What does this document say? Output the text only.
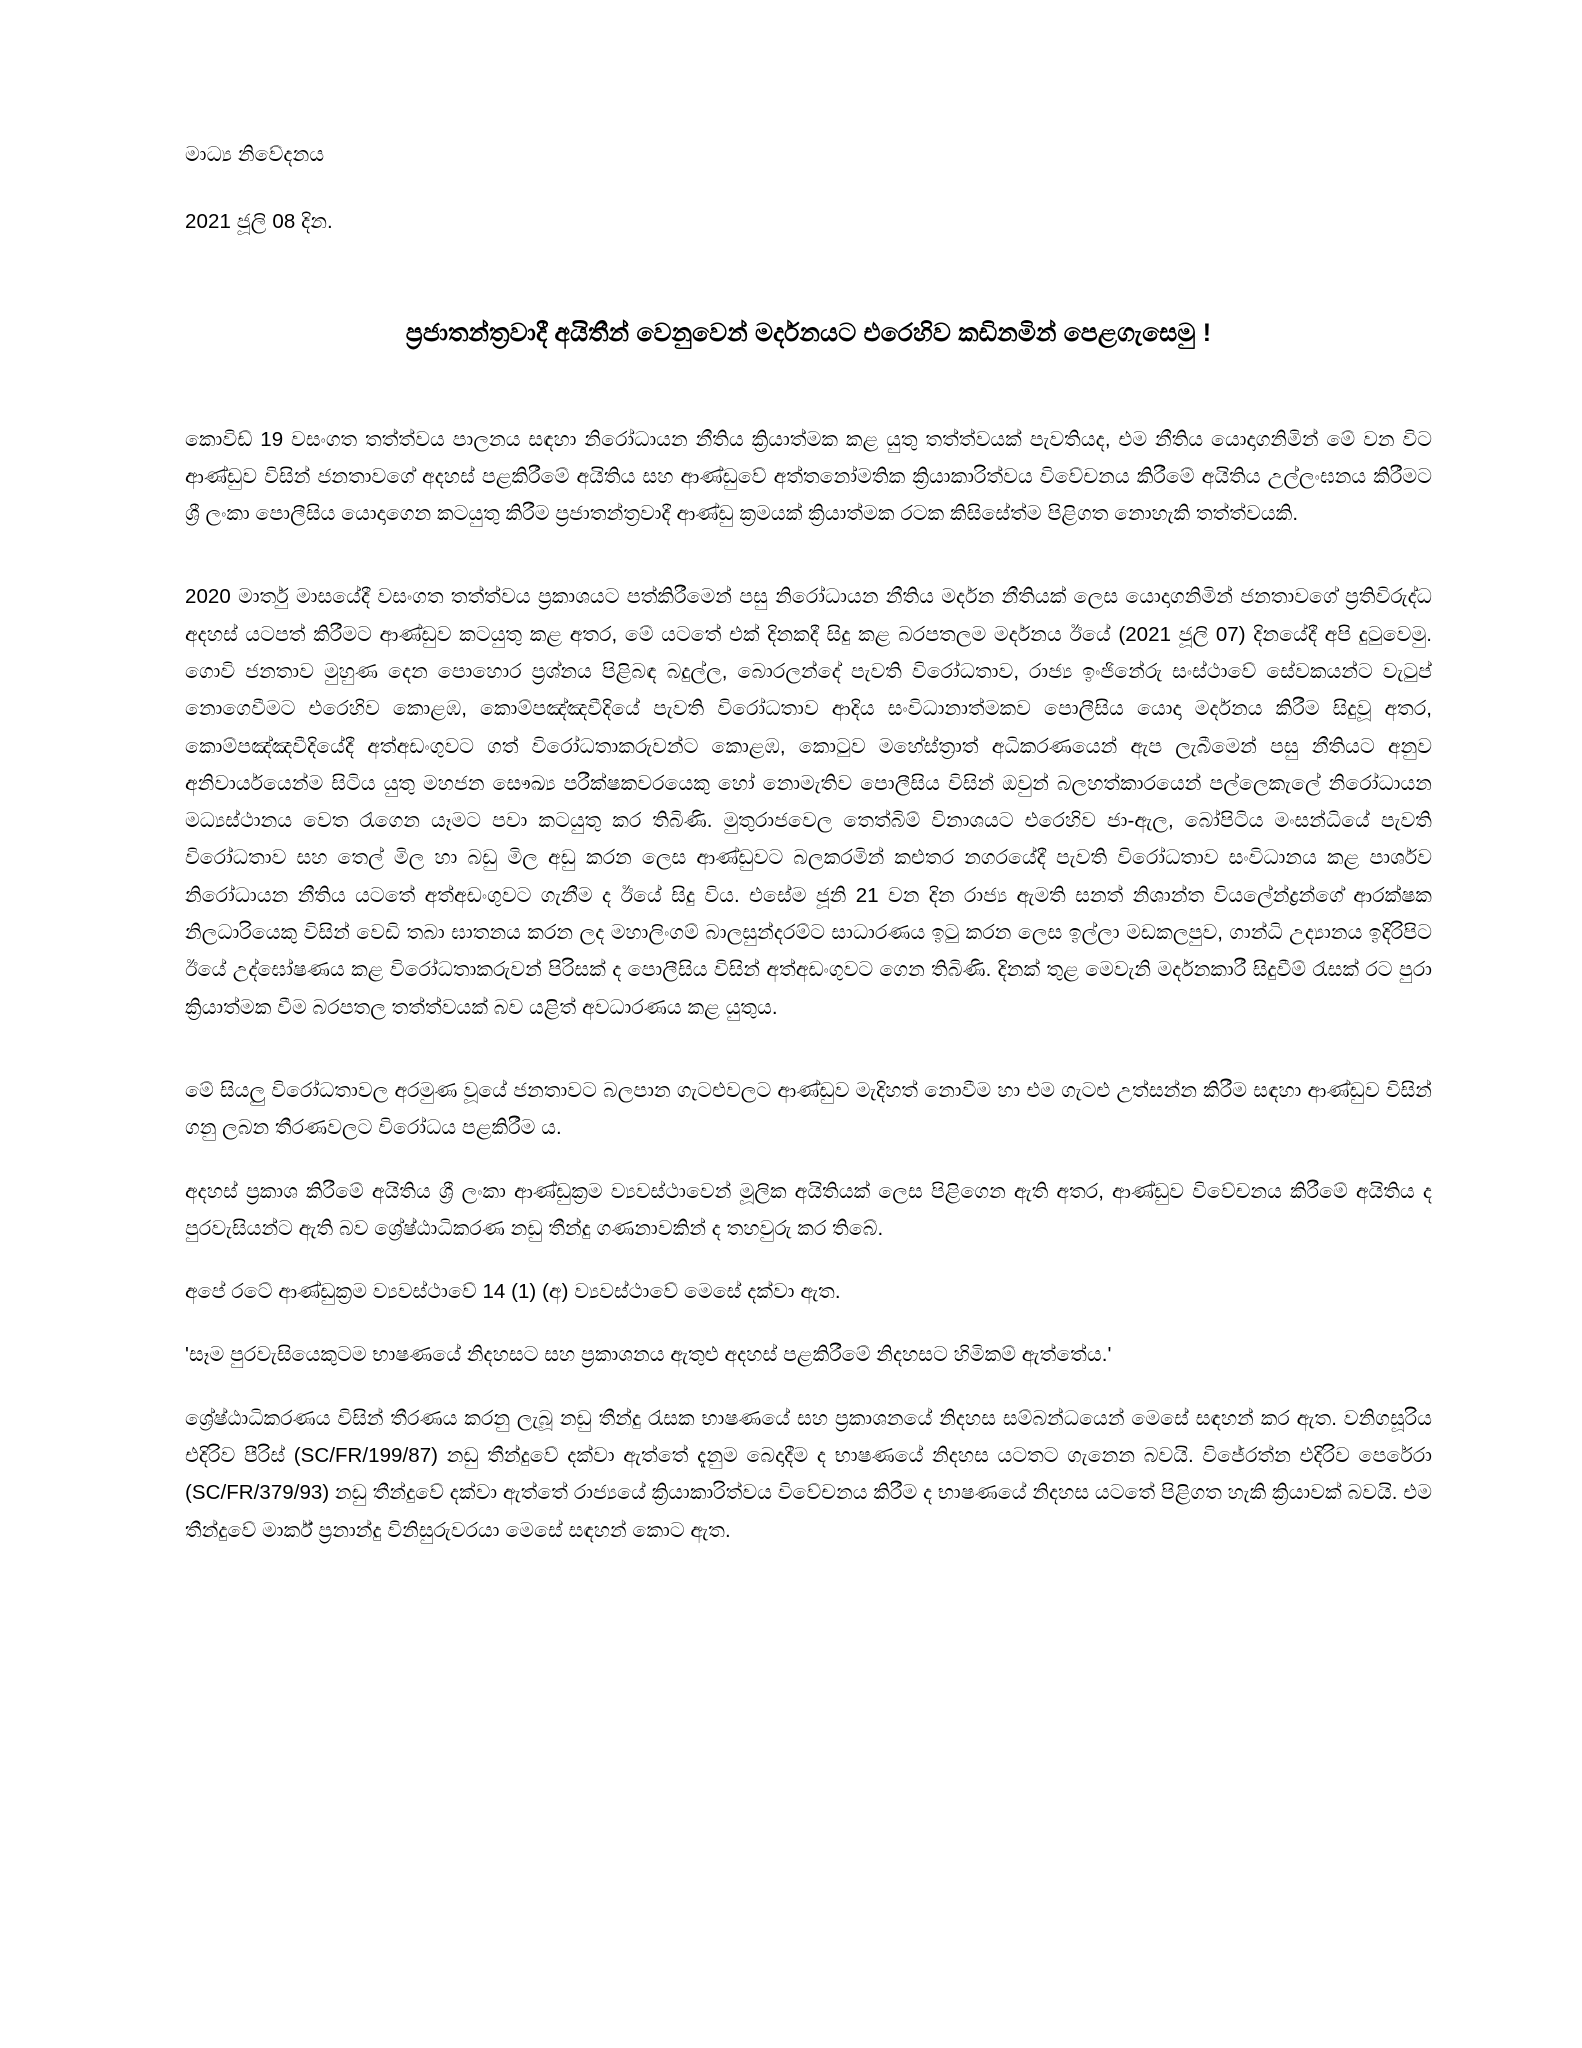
මාධ්‍ය නිවේදනය
2021 ජූලි 08 දින.
ප්‍රජාතන්ත්‍රවාදී අයිතීන් වෙනුවෙන් මර්දනයට එරෙහිව කඩිනමින් පෙළගැසෙමු !

කොවිඩ් 19 වසංගත තත්ත්වය පාලනය සඳහා නිරෝධායන නීතිය ක්‍රියාත්මක කළ යුතු තත්ත්වයක් පැවතියද, එම නීතිය යොදාගනිමින් මේ වන විට ආණ්ඩුව විසින් ජනතාවගේ අදහස් පළකිරීමේ අයිතිය සහ ආණ්ඩුවේ අත්තනෝමතික ක්‍රියාකාරිත්වය විවේචනය කිරීමේ අයිතිය උල්ලංඝනය කිරීමට ශ්‍රී ලංකා පොලීසිය යොදාගෙන කටයුතු කිරීම ප්‍රජාතන්ත්‍රවාදී ආණ්ඩු ක්‍රමයක් ක්‍රියාත්මක රටක කිසිසේත්ම පිළිගත නොහැකි තත්ත්වයකි.

2020 මාර්තු මාසයේදී වසංගත තත්ත්වය ප්‍රකාශයට පත්කිරීමෙන් පසු නිරෝධායන නීතිය මර්දන නීතියක් ලෙස යොදාගනිමින් ජනතාවගේ ප්‍රතිවිරුද්ධ අදහස් යටපත් කිරීමට ආණ්ඩුව කටයුතු කළ අතර, මේ යටතේ එක් දිනකදී සිදු කළ බරපතලම මර්දනය ඊයේ (2021 ජූලි 07) දිනයේදී අපි දුටුවෙමු. ගොවි ජනතාව මුහුණ දෙන පොහොර ප්‍රශ්නය පිළිබඳ බදුල්ල, බොරලන්දේ පැවති විරෝධතාව, රාජ්‍ය ඉංජිනේරු සංස්ථාවේ සේවකයන්ට වැටුප් නොගෙවීමට එරෙහිව කොළඹ, කොම්පඤ්ඤවීදියේ පැවති විරෝධතාව ආදිය සංවිධානාත්මකව පොලීසිය යොදා මර්දනය කිරීම සිදුවූ අතර, කොම්පඤ්ඤවීදියේදී අත්අඩංගුවට ගත් විරෝධතාකරුවන්ට කොළඹ, කොටුව මහේස්ත්‍රාත් අධිකරණයෙන් ඇප ලැබීමෙන් පසු නීතියට අනුව අනිවාර්යයෙන්ම සිටිය යුතු මහජන සෞඛ්‍ය පරීක්ෂකවරයෙකු හෝ නොමැතිව පොලීසිය විසින් ඔවුන් බලහත්කාරයෙන් පල්ලෙකැලේ නිරෝධායන මධ්‍යස්ථානය වෙත රැගෙන යෑමට පවා කටයුතු කර තිබිණි. මුතුරාජවෙල තෙත්බිම් විනාශයට එරෙහිව ජා-ඇල, බෝපිටිය මංසන්ධියේ පැවති විරෝධතාව සහ තෙල් මිල හා බඩු මිල අඩු කරන ලෙස ආණ්ඩුවට බලකරමින් කළුතර නගරයේදී පැවති විරෝධතාව සංවිධානය කළ පාර්ශව නිරෝධායන නීතිය යටතේ අත්අඩංගුවට ගැනීම ද ඊයේ සිදු විය. එසේම ජූනි 21 වන දින රාජ්‍ය ඇමති සනත් නිශාන්ත වියලේන්ද්‍රන්ගේ ආරක්ෂක නිලධාරියෙකු විසින් වෙඩි තබා ඝාතනය කරන ලද මහාලිංගම් බාලසුන්දරම්ට සාධාරණය ඉටු කරන ලෙස ඉල්ලා මඩකලපුව, ගාන්ධි උද්‍යානය ඉදිරිපිට ඊයේ උද්ඝෝෂණය කළ විරෝධතාකරුවන් පිරිසක් ද පොලීසිය විසින් අත්අඩංගුවට ගෙන තිබිණි. දිනක් තුළ මෙවැනි මර්දනකාරී සිදුවීම් රැසක් රට පුරා ක්‍රියාත්මක වීම බරපතල තත්ත්වයක් බව යළිත් අවධාරණය කළ යුතුය.

මේ සියලු විරෝධතාවල අරමුණ වූයේ ජනතාවට බලපාන ගැටළුවලට ආණ්ඩුව මැදිහත් නොවීම හා එම ගැටළු උත්සන්න කිරීම සඳහා ආණ්ඩුව විසින් ගනු ලබන තීරණවලට විරෝධය පළකිරීම ය.

අදහස් ප්‍රකාශ කිරීමේ අයිතිය ශ්‍රී ලංකා ආණ්ඩුක්‍රම ව්‍යවස්ථාවෙන් මූලික අයිතියක් ලෙස පිළිගෙන ඇති අතර, ආණ්ඩුව විවේචනය කිරීමේ අයිතිය ද පුරවැසියන්ට ඇති බව ශ්‍රේෂ්ඨාධිකරණ නඩු තීන්දු ගණනාවකින් ද තහවුරු කර තිබේ.

අපේ රටේ ආණ්ඩුක්‍රම ව්‍යවස්ථාවේ 14 (1) (අ) ව්‍යවස්ථාවේ මෙසේ දක්වා ඇත.

'සෑම පුරවැසියෙකුටම භාෂණයේ නිදහසට සහ ප්‍රකාශනය ඇතුළු අදහස් පළකිරීමේ නිදහසට හිමිකම් ඇත්තේය.'

ශ්‍රේෂ්ඨාධිකරණය විසින් තීරණය කරනු ලැබූ නඩු තීන්දු රැසක භාෂණයේ සහ ප්‍රකාශනයේ නිදහස සම්බන්ධයෙන් මෙසේ සඳහන් කර ඇත. වනිගසූරිය එදිරිව පීරිස් (SC/FR/199/87) නඩු තීන්දුවේ දක්වා ඇත්තේ දැනුම බෙදාදීම ද භාෂණයේ නිදහස යටතට ගැනෙන බවයි. විජේරත්න එදිරිව පෙරේරා (SC/FR/379/93) නඩු තීන්දුවේ දක්වා ඇත්තේ රාජ්‍යයේ ක්‍රියාකාරිත්වය විවේචනය කිරීම ද භාෂණයේ නිදහස යටතේ පිළිගත හැකි ක්‍රියාවක් බවයි. එම තීන්දුවේ මාර්ක් ප්‍රනාන්දු විනිසුරුවරයා මෙසේ සඳහන් කොට ඇත.
